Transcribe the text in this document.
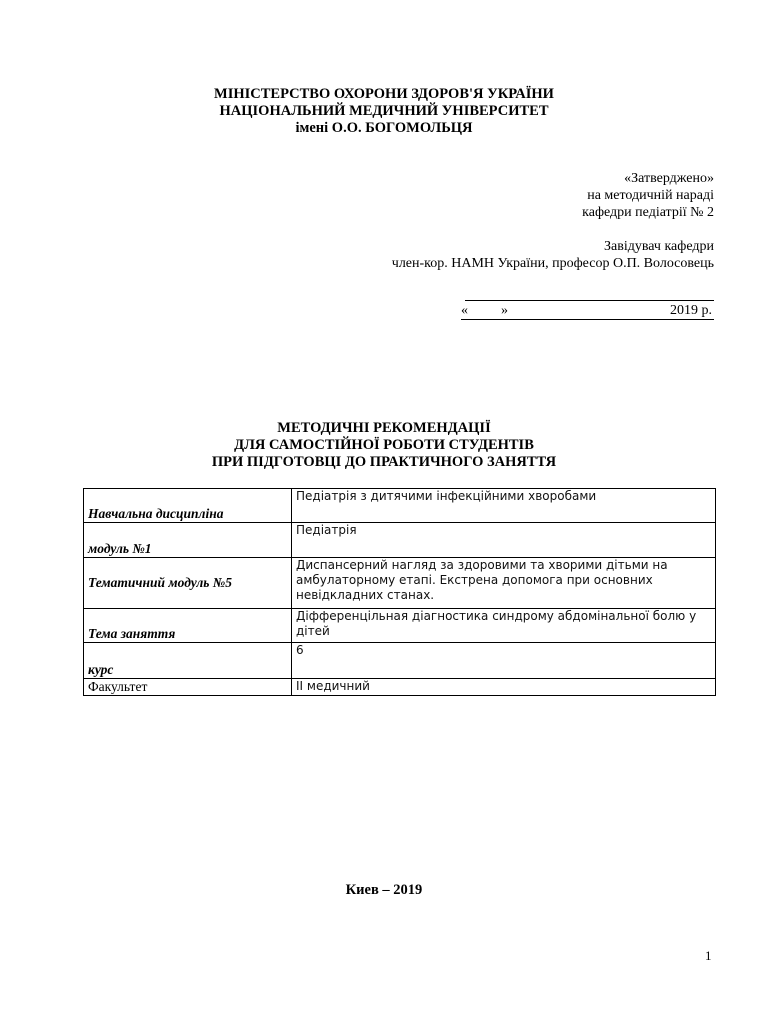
МІНІСТЕРСТВО ОХОРОНИ ЗДОРОВ'Я УКРАЇНИ
НАЦІОНАЛЬНИЙ МЕДИЧНИЙ УНІВЕРСИТЕТ
імені О.О. БОГОМОЛЬЦЯ
«Затверджено»
на методичній нараді
кафедри педіатрії № 2
Завідувач кафедри
член-кор. НАМН України, професор О.П. Волосовець
« »	2019 р.
МЕТОДИЧНІ РЕКОМЕНДАЦІЇ
ДЛЯ САМОСТІЙНОЇ РОБОТИ СТУДЕНТІВ
ПРИ ПІДГОТОВЦІ ДО ПРАКТИЧНОГО ЗАНЯТТЯ
Навчальна дисципліна	Педіатрія з дитячими інфекційними хворобами
модуль №1	Педіатрія
Тематичний модуль №5	Диспансерний нагляд за здоровими та хворими дітьми на амбулаторному етапі. Екстрена допомога при основних невідкладних станах.
Тема заняття	Діфференцільная діагностика синдрому абдомінальної болю у дітей
курс	6
Факультет	ІІ медичний
Киев – 2019
1
